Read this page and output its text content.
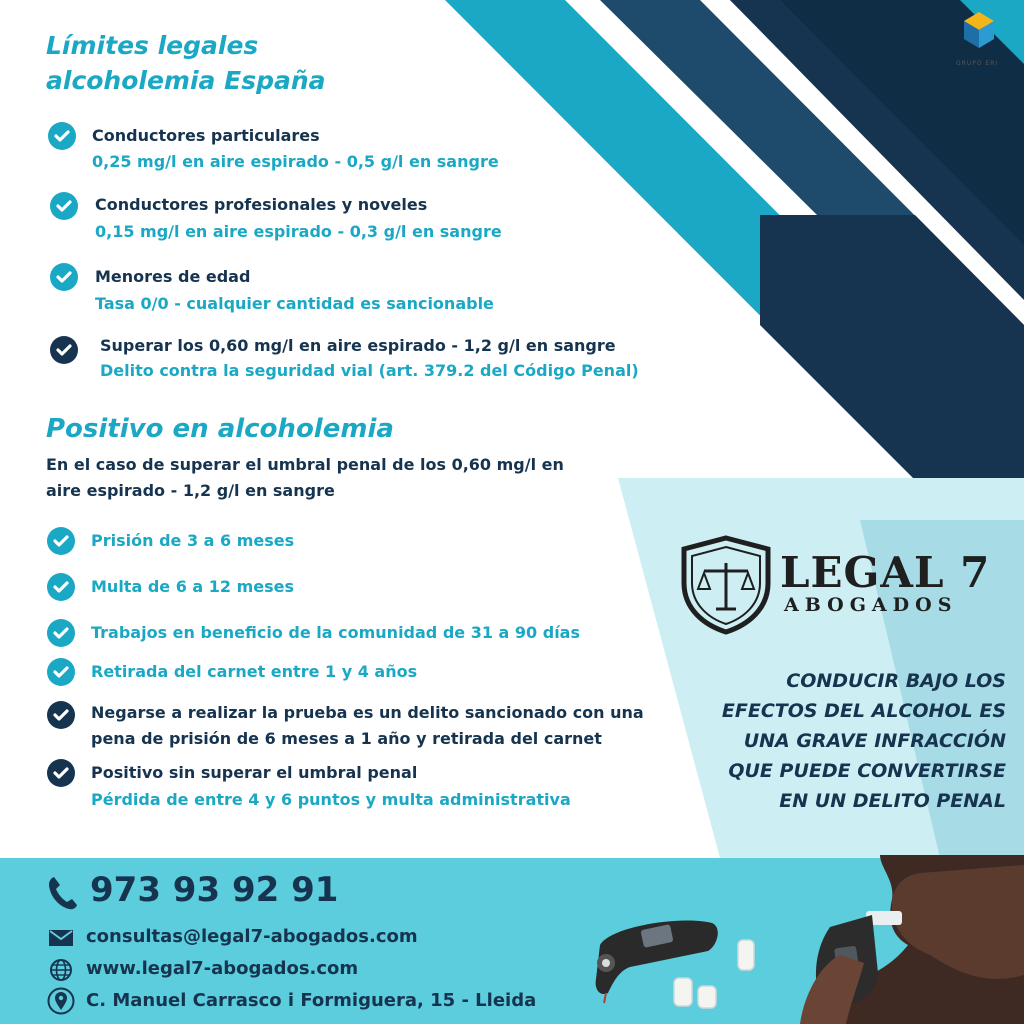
GRUPO ERI
Límites legales
alcoholemia España
Conductores particulares
0,25 mg/l en aire espirado - 0,5 g/l en sangre
Conductores profesionales y noveles
0,15 mg/l en aire espirado - 0,3 g/l en sangre
Menores de edad
Tasa 0/0 - cualquier cantidad es sancionable
Superar los 0,60 mg/l en aire espirado - 1,2 g/l en sangre
Delito contra la seguridad vial (art. 379.2 del Código Penal)
Positivo en alcoholemia
En el caso de superar el umbral penal de los 0,60 mg/l en
aire espirado - 1,2 g/l en sangre
Prisión de 3 a 6 meses
Multa de 6 a 12 meses
Trabajos en beneficio de la comunidad de 31 a 90 días
Retirada del carnet entre 1 y 4 años
Negarse a realizar la prueba es un delito sancionado con una
pena de prisión de 6 meses a 1 año y retirada del carnet
Positivo sin superar el umbral penal
Pérdida de entre 4 y 6 puntos y multa administrativa
LEGAL 7
ABOGADOS
CONDUCIR BAJO LOS
EFECTOS DEL ALCOHOL ES
UNA GRAVE INFRACCIÓN
QUE PUEDE CONVERTIRSE
EN UN DELITO PENAL
973 93 92 91
consultas@legal7-abogados.com
www.legal7-abogados.com
C. Manuel Carrasco i Formiguera, 15 - Lleida
